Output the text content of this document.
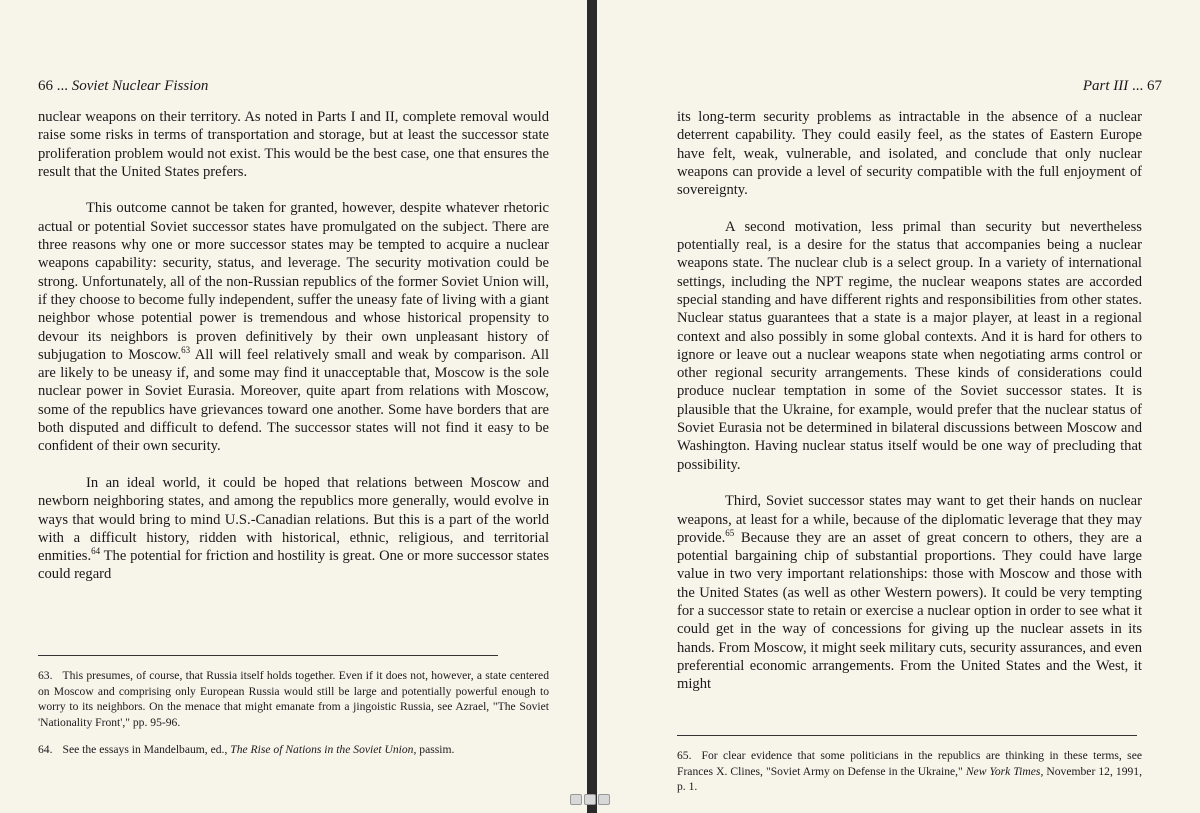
66 ... Soviet Nuclear Fission

nuclear weapons on their territory. As noted in Parts I and II, complete removal would raise some risks in terms of transportation and storage, but at least the successor state proliferation problem would not exist. This would be the best case, one that ensures the result that the United States prefers.

This outcome cannot be taken for granted, however, despite whatever rhetoric actual or potential Soviet successor states have promulgated on the subject. There are three reasons why one or more successor states may be tempted to acquire a nuclear weapons capability: security, status, and leverage. The security motivation could be strong. Unfortunately, all of the non-Russian republics of the former Soviet Union will, if they choose to become fully independent, suffer the uneasy fate of living with a giant neighbor whose potential power is tremendous and whose historical propensity to devour its neighbors is proven definitively by their own unpleasant history of subjugation to Moscow.$^{63}$ All will feel relatively small and weak by comparison. All are likely to be uneasy if, and some may find it unacceptable that, Moscow is the sole nuclear power in Soviet Eurasia. Moreover, quite apart from relations with Moscow, some of the republics have grievances toward one another. Some have borders that are both disputed and difficult to defend. The successor states will not find it easy to be confident of their own security.

In an ideal world, it could be hoped that relations between Moscow and newborn neighboring states, and among the republics more generally, would evolve in ways that would bring to mind U.S.-Canadian relations. But this is a part of the world with a difficult history, ridden with historical, ethnic, religious, and territorial enmities.$^{64}$ The potential for friction and hostility is great. One or more successor states could regard

63. This presumes, of course, that Russia itself holds together. Even if it does not, however, a state centered on Moscow and comprising only European Russia would still be large and potentially powerful enough to worry to its neighbors. On the menace that might emanate from a jingoistic Russia, see Azrael, "The Soviet 'Nationality Front'," pp. 95-96.

64. See the essays in Mandelbaum, ed., The Rise of Nations in the Soviet Union, passim.

Part III ... 67

its long-term security problems as intractable in the absence of a nuclear deterrent capability. They could easily feel, as the states of Eastern Europe have felt, weak, vulnerable, and isolated, and conclude that only nuclear weapons can provide a level of security compatible with the full enjoyment of sovereignty.

A second motivation, less primal than security but nevertheless potentially real, is a desire for the status that accompanies being a nuclear weapons state. The nuclear club is a select group. In a variety of international settings, including the NPT regime, the nuclear weapons states are accorded special standing and have different rights and responsibilities from other states. Nuclear status guarantees that a state is a major player, at least in a regional context and also possibly in some global contexts. And it is hard for others to ignore or leave out a nuclear weapons state when negotiating arms control or other regional security arrangements. These kinds of considerations could produce nuclear temptation in some of the Soviet successor states. It is plausible that the Ukraine, for example, would prefer that the nuclear status of Soviet Eurasia not be determined in bilateral discussions between Moscow and Washington. Having nuclear status itself would be one way of precluding that possibility.

Third, Soviet successor states may want to get their hands on nuclear weapons, at least for a while, because of the diplomatic leverage that they may provide.$^{65}$ Because they are an asset of great concern to others, they are a potential bargaining chip of substantial proportions. They could have large value in two very important relationships: those with Moscow and those with the United States (as well as other Western powers). It could be very tempting for a successor state to retain or exercise a nuclear option in order to see what it could get in the way of concessions for giving up the nuclear assets in its hands. From Moscow, it might seek military cuts, security assurances, and even preferential economic arrangements. From the United States and the West, it might

65. For clear evidence that some politicians in the republics are thinking in these terms, see Frances X. Clines, "Soviet Army on Defense in the Ukraine," New York Times, November 12, 1991, p. 1.
